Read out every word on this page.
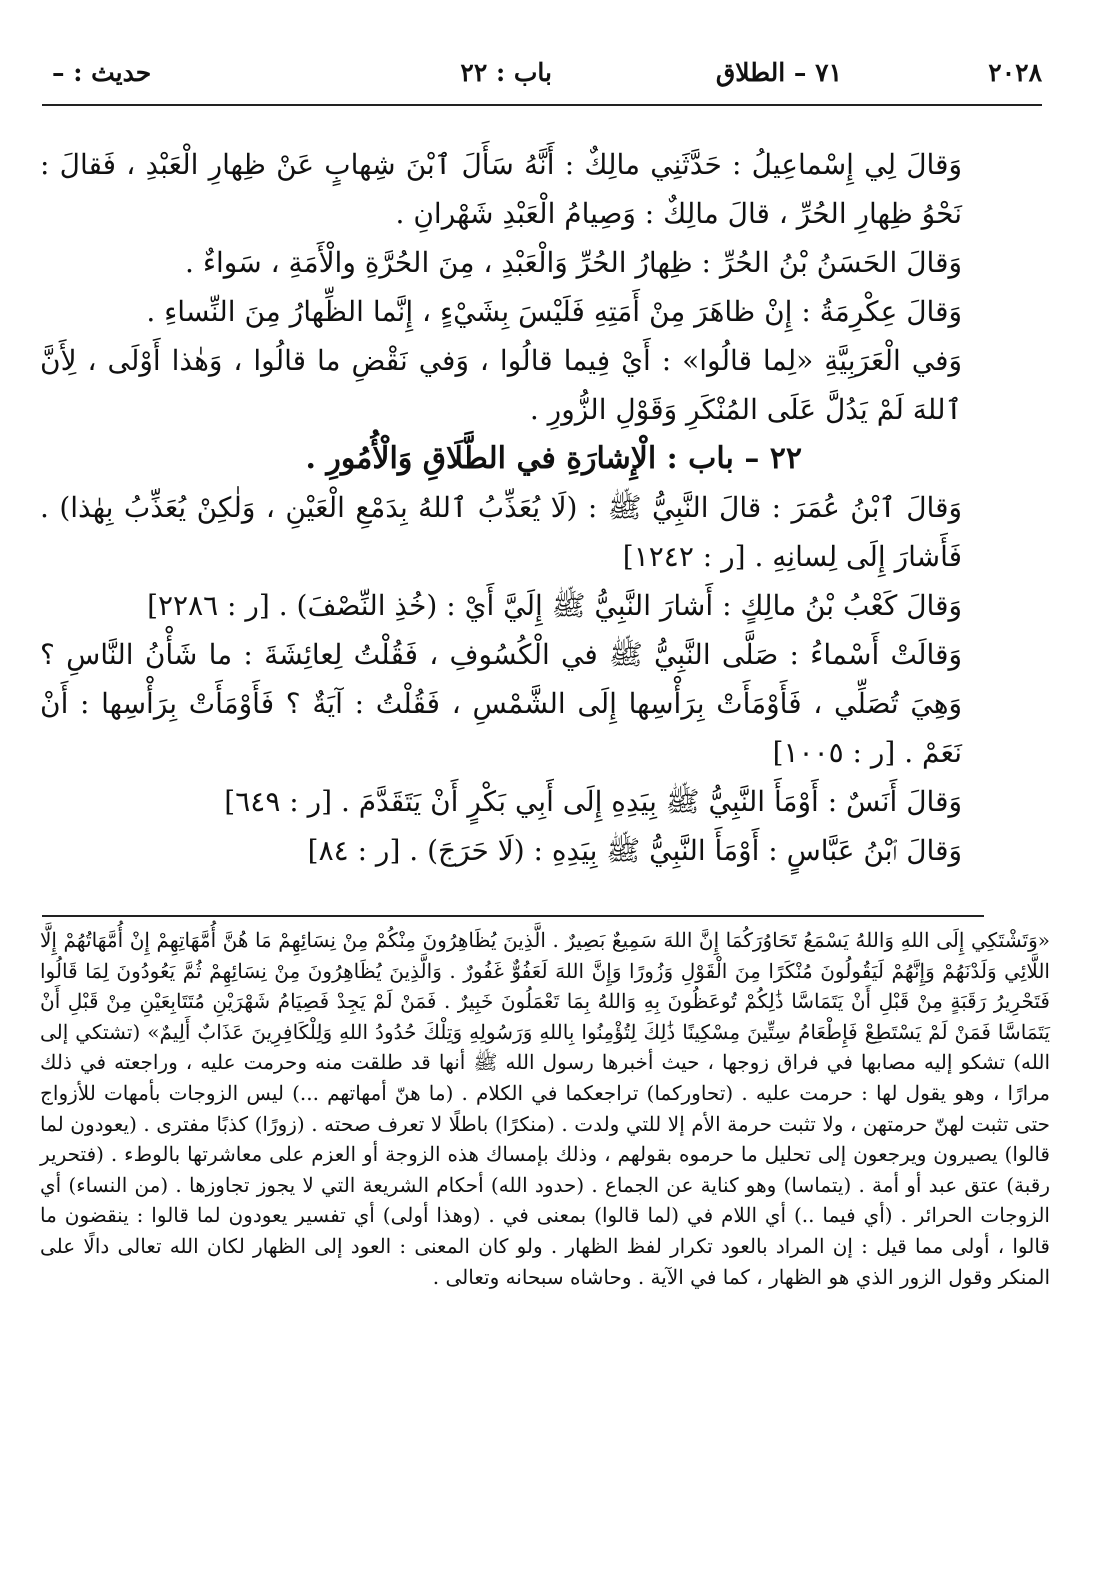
٢٠٢٨
٧١ – الطلاق
باب : ٢٢
حديث : –

وَقالَ لِي إِسْماعِيلُ : حَدَّثَنِي مالِكٌ : أَنَّهُ سَأَلَ ٱبْنَ شِهابٍ عَنْ ظِهارِ الْعَبْدِ ، فَقالَ : نَحْوُ ظِهارِ الحُرِّ ، قالَ مالِكٌ : وَصِيامُ الْعَبْدِ شَهْرانِ .

وَقالَ الحَسَنُ بْنُ الحُرِّ : ظِهارُ الحُرِّ وَالْعَبْدِ ، مِنَ الحُرَّةِ والْأَمَةِ ، سَواءٌ .

وَقالَ عِكْرِمَةُ : إِنْ ظاهَرَ مِنْ أَمَتِهِ فَلَيْسَ بِشَيْءٍ ، إِنَّما الظِّهارُ مِنَ النِّساءِ .

وَفي الْعَرَبِيَّةِ «لِما قالُوا» : أَيْ فِيما قالُوا ، وَفي نَقْضِ ما قالُوا ، وَهٰذا أَوْلَى ، لِأَنَّ ٱللهَ لَمْ يَدُلَّ عَلَى المُنْكَرِ وَقَوْلِ الزُّورِ .

٢٢ – باب : الْإِشارَةِ في الطَّلَاقِ وَالْأُمُورِ .

وَقالَ ٱبْنُ عُمَرَ : قالَ النَّبِيُّ ﷺ : (لَا يُعَذِّبُ ٱللهُ بِدَمْعِ الْعَيْنِ ، وَلٰكِنْ يُعَذِّبُ بِهٰذا) . فَأَشارَ إِلَى لِسانِهِ . [ر : ١٢٤٢]

وَقالَ كَعْبُ بْنُ مالِكٍ : أَشارَ النَّبِيُّ ﷺ إِلَيَّ أَيْ : (خُذِ النِّصْفَ) . [ر : ٢٢٨٦]

وَقالَتْ أَسْماءُ : صَلَّى النَّبِيُّ ﷺ في الْكُسُوفِ ، فَقُلْتُ لِعائِشَةَ : ما شَأْنُ النَّاسِ ؟ وَهِيَ تُصَلِّي ، فَأَوْمَأَتْ بِرَأْسِها إِلَى الشَّمْسِ ، فَقُلْتُ : آيَةٌ ؟ فَأَوْمَأَتْ بِرَأْسِها : أَنْ نَعَمْ . [ر : ١٠٠٥]

وَقالَ أَنَسٌ : أَوْمَأَ النَّبِيُّ ﷺ بِيَدِهِ إِلَى أَبِي بَكْرٍ أَنْ يَتَقَدَّمَ . [ر : ٦٤٩]

وَقالَ ٱبْنُ عَبَّاسٍ : أَوْمَأَ النَّبِيُّ ﷺ بِيَدِهِ : (لَا حَرَجَ) . [ر : ٨٤]

«وَتَشْتَكِي إِلَى اللهِ وَاللهُ يَسْمَعُ تَحَاوُرَكُمَا إِنَّ اللهَ سَمِيعٌ بَصِيرٌ . الَّذِينَ يُظَاهِرُونَ مِنْكُمْ مِنْ نِسَائِهِمْ مَا هُنَّ أُمَّهَاتِهِمْ إِنْ أُمَّهَاتُهُمْ إِلَّا اللَّائِي وَلَدْنَهُمْ وَإِنَّهُمْ لَيَقُولُونَ مُنْكَرًا مِنَ الْقَوْلِ وَزُورًا وَإِنَّ اللهَ لَعَفُوٌّ غَفُورٌ . وَالَّذِينَ يُظَاهِرُونَ مِنْ نِسَائِهِمْ ثُمَّ يَعُودُونَ لِمَا قَالُوا فَتَحْرِيرُ رَقَبَةٍ مِنْ قَبْلِ أَنْ يَتَمَاسَّا ذَٰلِكُمْ تُوعَظُونَ بِهِ وَاللهُ بِمَا تَعْمَلُونَ خَبِيرٌ . فَمَنْ لَمْ يَجِدْ فَصِيَامُ شَهْرَيْنِ مُتَتَابِعَيْنِ مِنْ قَبْلِ أَنْ يَتَمَاسَّا فَمَنْ لَمْ يَسْتَطِعْ فَإِطْعَامُ سِتِّينَ مِسْكِينًا ذَٰلِكَ لِتُؤْمِنُوا بِاللهِ وَرَسُولِهِ وَتِلْكَ حُدُودُ اللهِ وَلِلْكَافِرِينَ عَذَابٌ أَلِيمٌ» (تشتكي إلى الله) تشكو إليه مصابها في فراق زوجها ، حيث أخبرها رسول الله ﷺ أنها قد طلقت منه وحرمت عليه ، وراجعته في ذلك مرارًا ، وهو يقول لها : حرمت عليه . (تحاوركما) تراجعكما في الكلام . (ما هنّ أمهاتهم ...) ليس الزوجات بأمهات للأزواج حتى تثبت لهنّ حرمتهن ، ولا تثبت حرمة الأم إلا للتي ولدت . (منكرًا) باطلًا لا تعرف صحته . (زورًا) كذبًا مفترى . (يعودون لما قالوا) يصيرون ويرجعون إلى تحليل ما حرموه بقولهم ، وذلك بإمساك هذه الزوجة أو العزم على معاشرتها بالوطء . (فتحرير رقبة) عتق عبد أو أمة . (يتماسا) وهو كناية عن الجماع . (حدود الله) أحكام الشريعة التي لا يجوز تجاوزها . (من النساء) أي الزوجات الحرائر . (أي فيما ..) أي اللام في (لما قالوا) بمعنى في . (وهذا أولى) أي تفسير يعودون لما قالوا : ينقضون ما قالوا ، أولى مما قيل : إن المراد بالعود تكرار لفظ الظهار . ولو كان المعنى : العود إلى الظهار لكان الله تعالى دالًا على المنكر وقول الزور الذي هو الظهار ، كما في الآية . وحاشاه سبحانه وتعالى .
